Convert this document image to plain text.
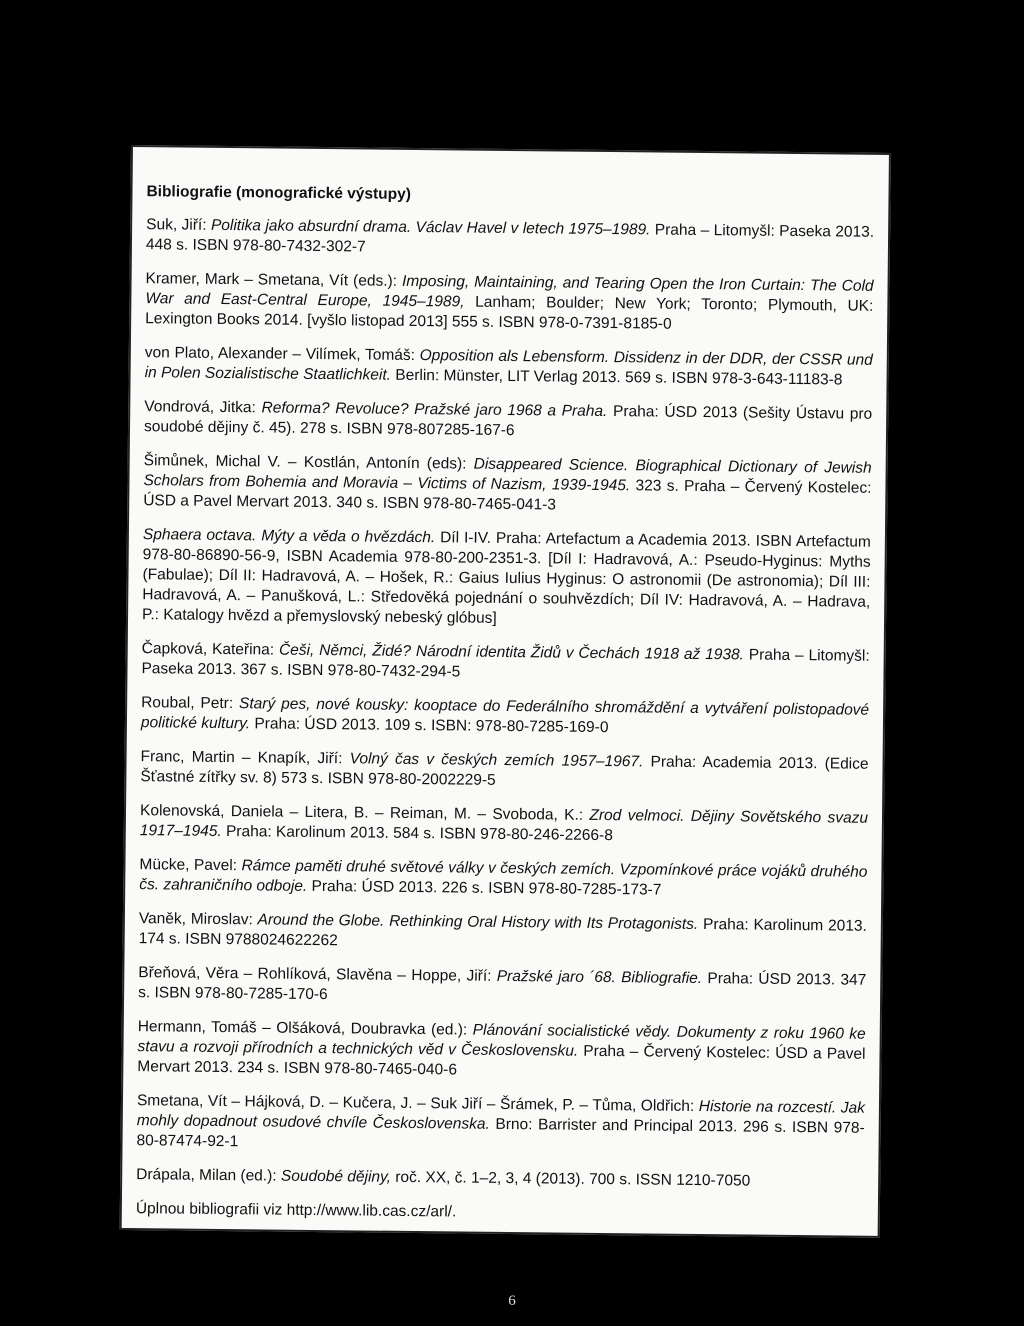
Bibliografie (monografické výstupy)
Suk, Jiří: Politika jako absurdní drama. Václav Havel v letech 1975–1989. Praha – Litomyšl: Paseka 2013. 448 s. ISBN 978-80-7432-302-7
Kramer, Mark – Smetana, Vít (eds.): Imposing, Maintaining, and Tearing Open the Iron Curtain: The Cold War and East-Central Europe, 1945–1989, Lanham; Boulder; New York; Toronto; Plymouth, UK: Lexington Books 2014. [vyšlo listopad 2013] 555 s. ISBN 978-0-7391-8185-0
von Plato, Alexander – Vilímek, Tomáš: Opposition als Lebensform. Dissidenz in der DDR, der CSSR und in Polen Sozialistische Staatlichkeit. Berlin: Münster, LIT Verlag 2013. 569 s. ISBN 978-3-643-11183-8
Vondrová, Jitka: Reforma? Revoluce? Pražské jaro 1968 a Praha. Praha: ÚSD 2013 (Sešity Ústavu pro soudobé dějiny č. 45). 278 s. ISBN 978-807285-167-6
Šimůnek, Michal V. – Kostlán, Antonín (eds): Disappeared Science. Biographical Dictionary of Jewish Scholars from Bohemia and Moravia – Victims of Nazism, 1939-1945. 323 s. Praha – Červený Kostelec: ÚSD a Pavel Mervart 2013. 340 s. ISBN 978-80-7465-041-3
Sphaera octava. Mýty a věda o hvězdách. Díl I-IV. Praha: Artefactum a Academia 2013. ISBN Artefactum 978-80-86890-56-9, ISBN Academia 978-80-200-2351-3. [Díl I: Hadravová, A.: Pseudo-Hyginus: Myths (Fabulae); Díl II: Hadravová, A. – Hošek, R.: Gaius Iulius Hyginus: O astronomii (De astronomia); Díl III: Hadravová, A. – Panušková, L.: Středověká pojednání o souhvězdích; Díl IV: Hadravová, A. – Hadrava, P.: Katalogy hvězd a přemyslovský nebeský glóbus]
Čapková, Kateřina: Češi, Němci, Židé? Národní identita Židů v Čechách 1918 až 1938. Praha – Litomyšl: Paseka 2013. 367 s. ISBN 978-80-7432-294-5
Roubal, Petr: Starý pes, nové kousky: kooptace do Federálního shromáždění a vytváření polistopadové politické kultury. Praha: ÚSD 2013. 109 s. ISBN: 978-80-7285-169-0
Franc, Martin – Knapík, Jiří: Volný čas v českých zemích 1957–1967. Praha: Academia 2013. (Edice Šťastné zítřky sv. 8) 573 s. ISBN 978-80-2002229-5
Kolenovská, Daniela – Litera, B. – Reiman, M. – Svoboda, K.: Zrod velmoci. Dějiny Sovětského svazu 1917–1945. Praha: Karolinum 2013. 584 s. ISBN 978-80-246-2266-8
Mücke, Pavel: Rámce paměti druhé světové války v českých zemích. Vzpomínkové práce vojáků druhého čs. zahraničního odboje. Praha: ÚSD 2013. 226 s. ISBN 978-80-7285-173-7
Vaněk, Miroslav: Around the Globe. Rethinking Oral History with Its Protagonists. Praha: Karolinum 2013. 174 s. ISBN 9788024622262
Břeňová, Věra – Rohlíková, Slavěna – Hoppe, Jiří: Pražské jaro ´68. Bibliografie. Praha: ÚSD 2013. 347 s. ISBN 978-80-7285-170-6
Hermann, Tomáš – Olšáková, Doubravka (ed.): Plánování socialistické vědy. Dokumenty z roku 1960 ke stavu a rozvoji přírodních a technických věd v Československu. Praha – Červený Kostelec: ÚSD a Pavel Mervart 2013. 234 s. ISBN 978-80-7465-040-6
Smetana, Vít – Hájková, D. – Kučera, J. – Suk Jiří – Šrámek, P. – Tůma, Oldřich: Historie na rozcestí. Jak mohly dopadnout osudové chvíle Československa. Brno: Barrister and Principal 2013. 296 s. ISBN 978-80-87474-92-1
Drápala, Milan (ed.): Soudobé dějiny, roč. XX, č. 1–2, 3, 4 (2013). 700 s. ISSN 1210-7050
Úplnou bibliografii viz http://www.lib.cas.cz/arl/.
6
